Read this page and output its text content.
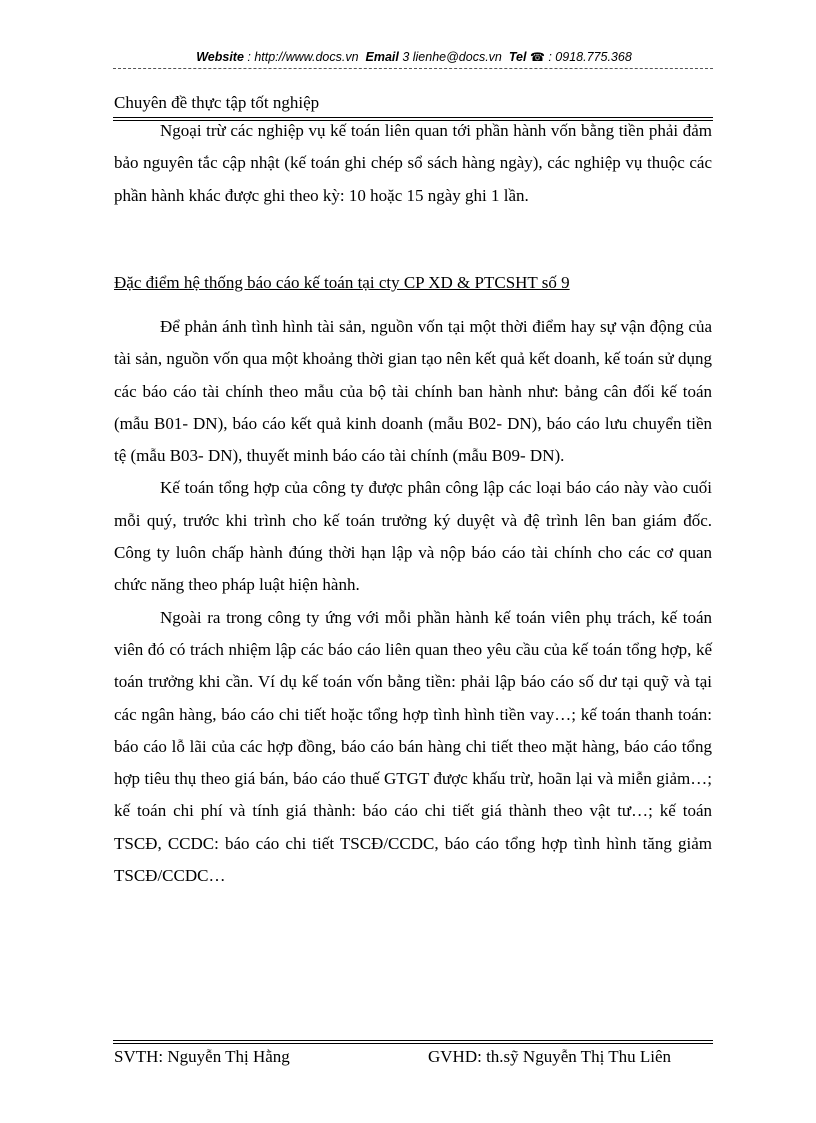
Website : http://www.docs.vn Email 3 lienhe@docs.vn Tel ☎ : 0918.775.368
Chuyên đề thực tập tốt nghiệp

Ngoại trừ các nghiệp vụ kế toán liên quan tới phần hành vốn bằng tiền phải đảm bảo nguyên tắc cập nhật (kế toán ghi chép sổ sách hàng ngày), các nghiệp vụ thuộc các phần hành khác được ghi theo kỳ: 10 hoặc 15 ngày ghi 1 lần.

Đặc điểm hệ thống báo cáo kế toán tại cty CP XD & PTCSHT số 9

Để phản ánh tình hình tài sản, nguồn vốn tại một thời điểm hay sự vận động của tài sản, nguồn vốn qua một khoảng thời gian tạo nên kết quả kết doanh, kế toán sử dụng các báo cáo tài chính theo mẫu của bộ tài chính ban hành như: bảng cân đối kế toán (mẫu B01- DN), báo cáo kết quả kinh doanh (mẫu B02- DN), báo cáo lưu chuyển tiền tệ (mẫu B03- DN), thuyết minh báo cáo tài chính (mẫu B09- DN).

Kế toán tổng hợp của công ty được phân công lập các loại báo cáo này vào cuối mỗi quý, trước khi trình cho kế toán trưởng ký duyệt và đệ trình lên ban giám đốc. Công ty luôn chấp hành đúng thời hạn lập và nộp báo cáo tài chính cho các cơ quan chức năng theo pháp luật hiện hành.

Ngoài ra trong công ty ứng với mỗi phần hành kế toán viên phụ trách, kế toán viên đó có trách nhiệm lập các báo cáo liên quan theo yêu cầu của kế toán tổng hợp, kế toán trưởng khi cần. Ví dụ kế toán vốn bằng tiền: phải lập báo cáo số dư tại quỹ và tại các ngân hàng, báo cáo chi tiết hoặc tổng hợp tình hình tiền vay…; kế toán thanh toán: báo cáo lỗ lãi của các hợp đồng, báo cáo bán hàng chi tiết theo mặt hàng, báo cáo tổng hợp tiêu thụ theo giá bán, báo cáo thuế GTGT được khấu trừ, hoãn lại và miễn giảm…; kế toán chi phí và tính giá thành: báo cáo chi tiết giá thành theo vật tư…; kế toán TSCĐ, CCDC: báo cáo chi tiết TSCĐ/CCDC, báo cáo tổng hợp tình hình tăng giảm TSCĐ/CCDC…

SVTH: Nguyễn Thị Hằng	GVHD: th.sỹ Nguyễn Thị Thu Liên
